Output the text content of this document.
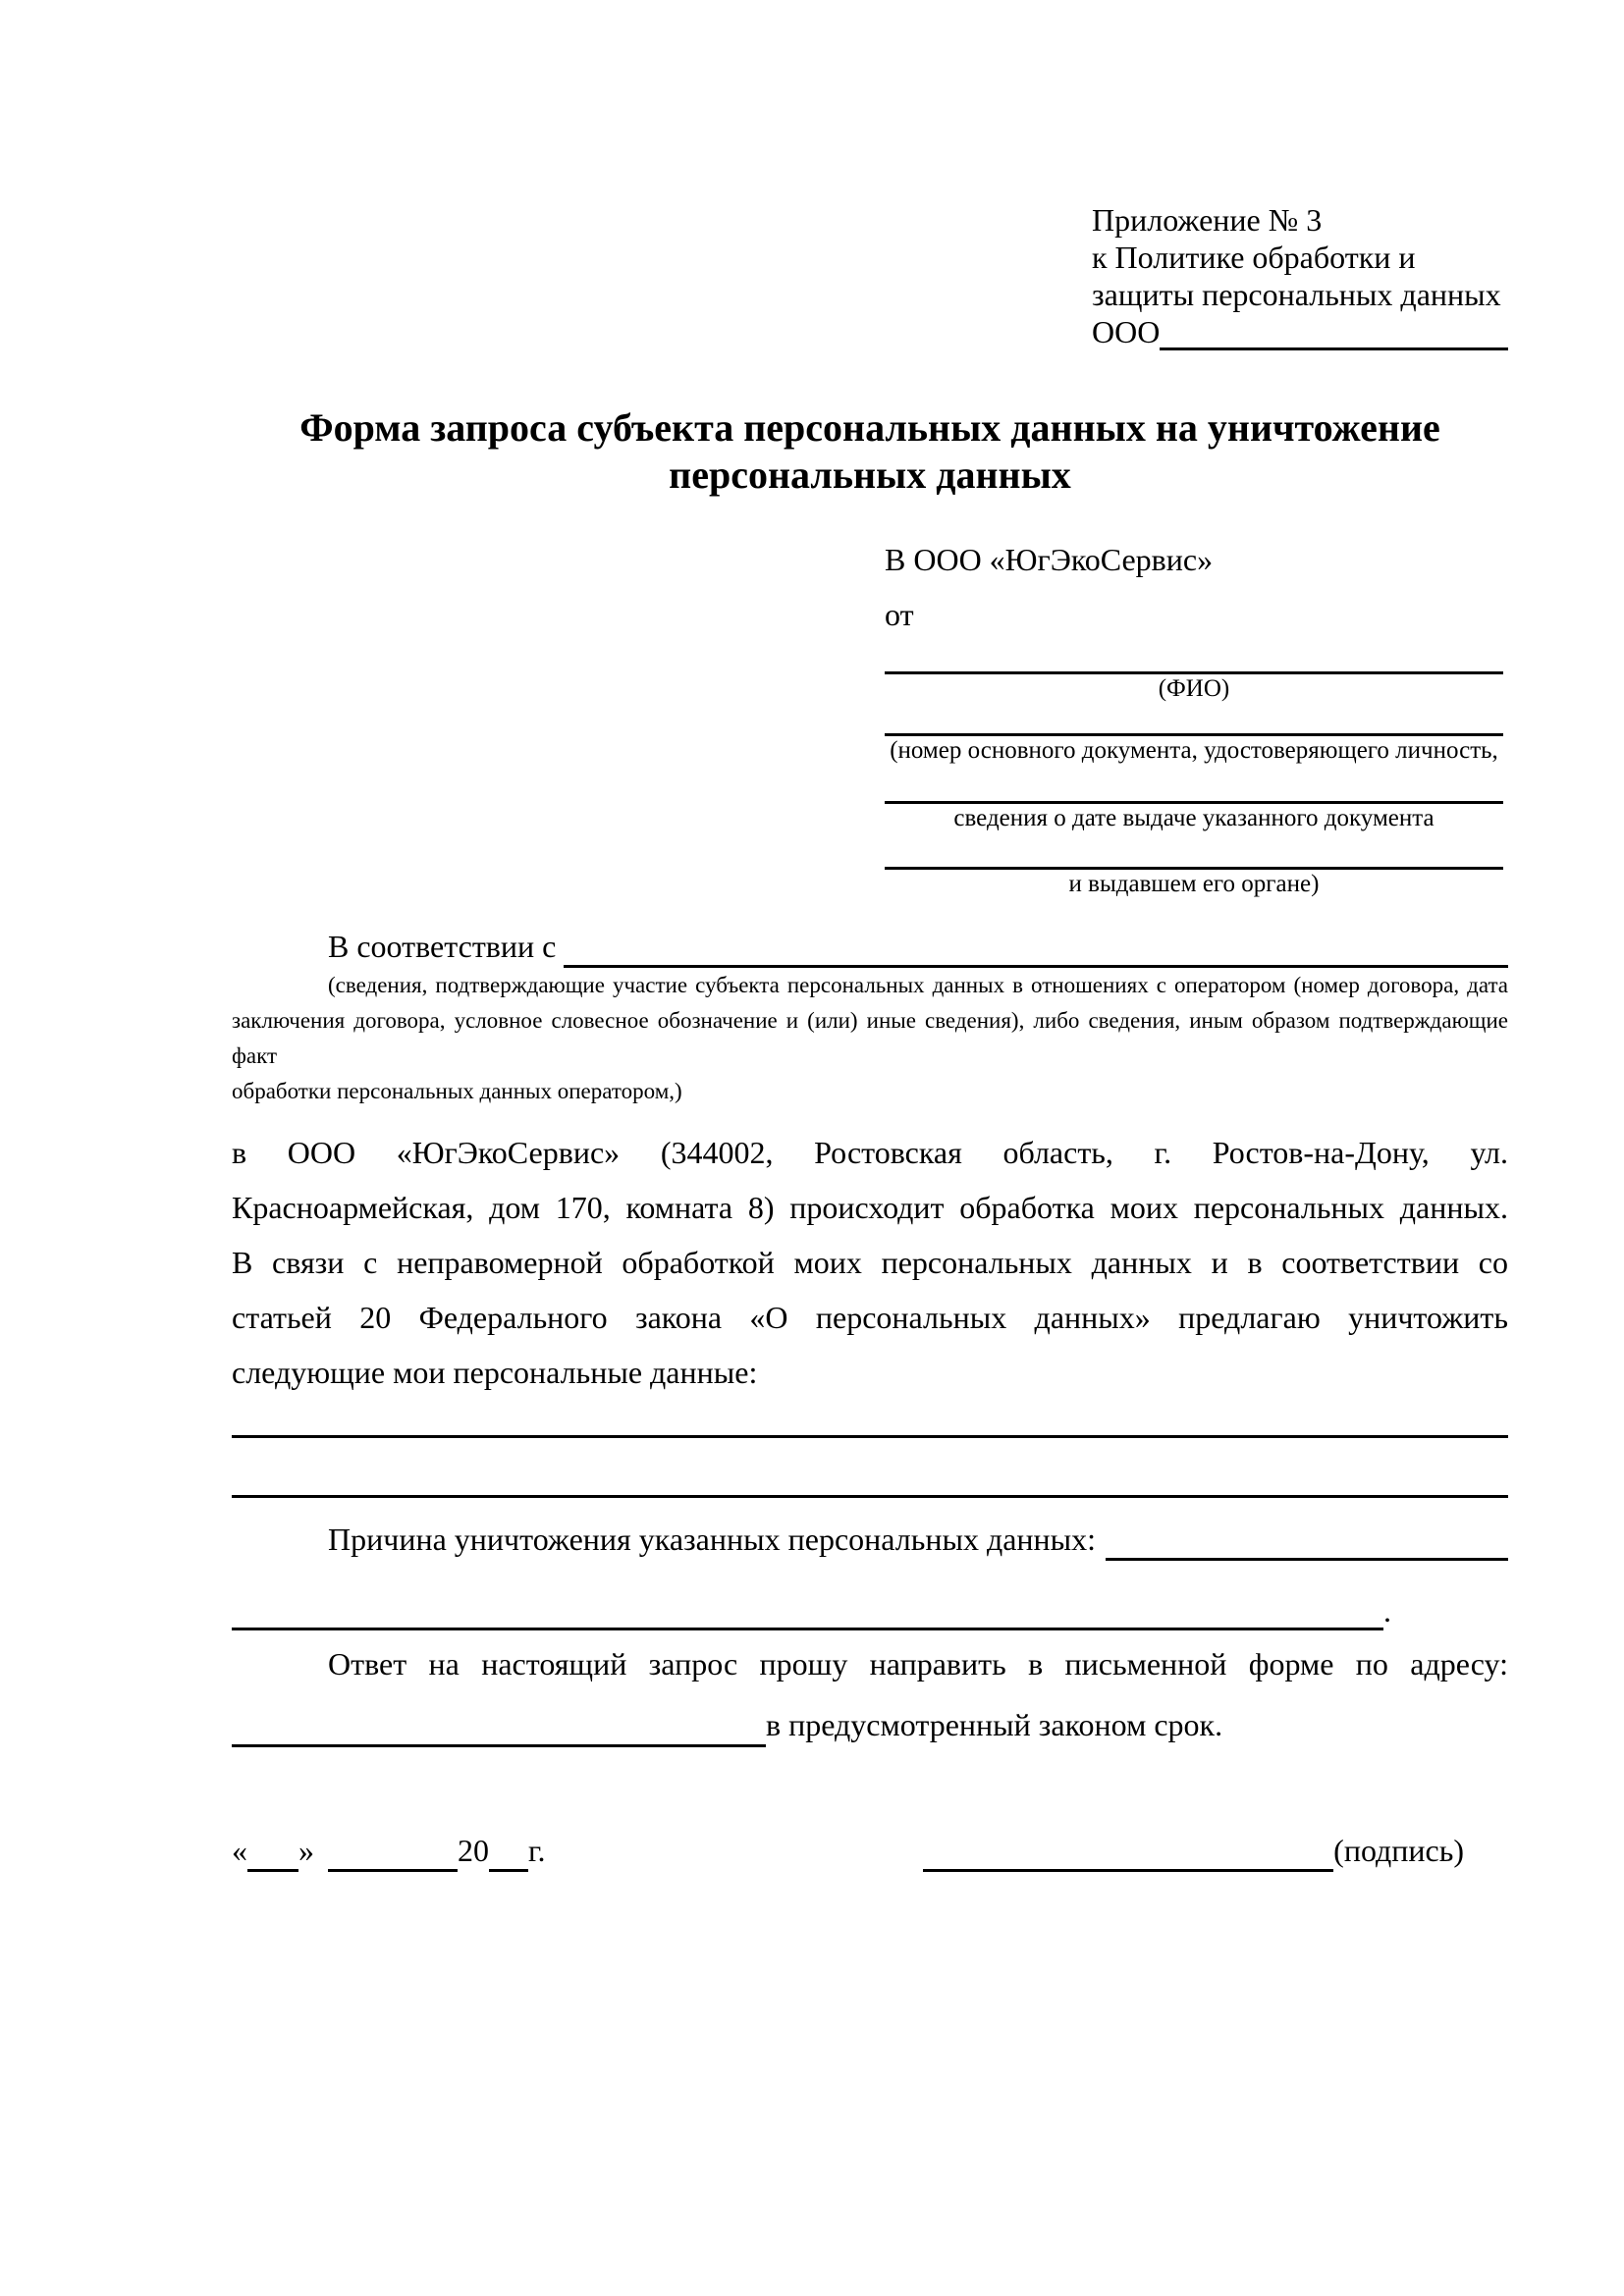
Приложение № 3
к Политике обработки и
защиты персональных данных
ООО
Форма запроса субъекта персональных данных на уничтожение
персональных данных
В ООО «ЮгЭкоСервис»
от
(ФИО)
(номер основного документа, удостоверяющего личность,
сведения о дате выдаче указанного документа
и выдавшем его органе)
В соответствии с
(сведения, подтверждающие участие субъекта персональных данных в отношениях с оператором (номер договора, дата
заключения договора, условное словесное обозначение и (или) иные сведения), либо сведения, иным образом подтверждающие факт
обработки персональных данных оператором,)
в ООО «ЮгЭкоСервис» (344002, Ростовская область, г. Ростов-на-Дону, ул.
Красноармейская, дом 170, комната 8) происходит обработка моих персональных данных.
В связи с неправомерной обработкой моих персональных данных и в соответствии со
статьей 20 Федерального закона «О персональных данных» предлагаю уничтожить
следующие мои персональные данные:
Причина уничтожения указанных персональных данных:
.
Ответ на настоящий запрос прошу направить в письменной форме по адресу:
в предусмотренный законом срок.
« »	20 г.	(подпись)
